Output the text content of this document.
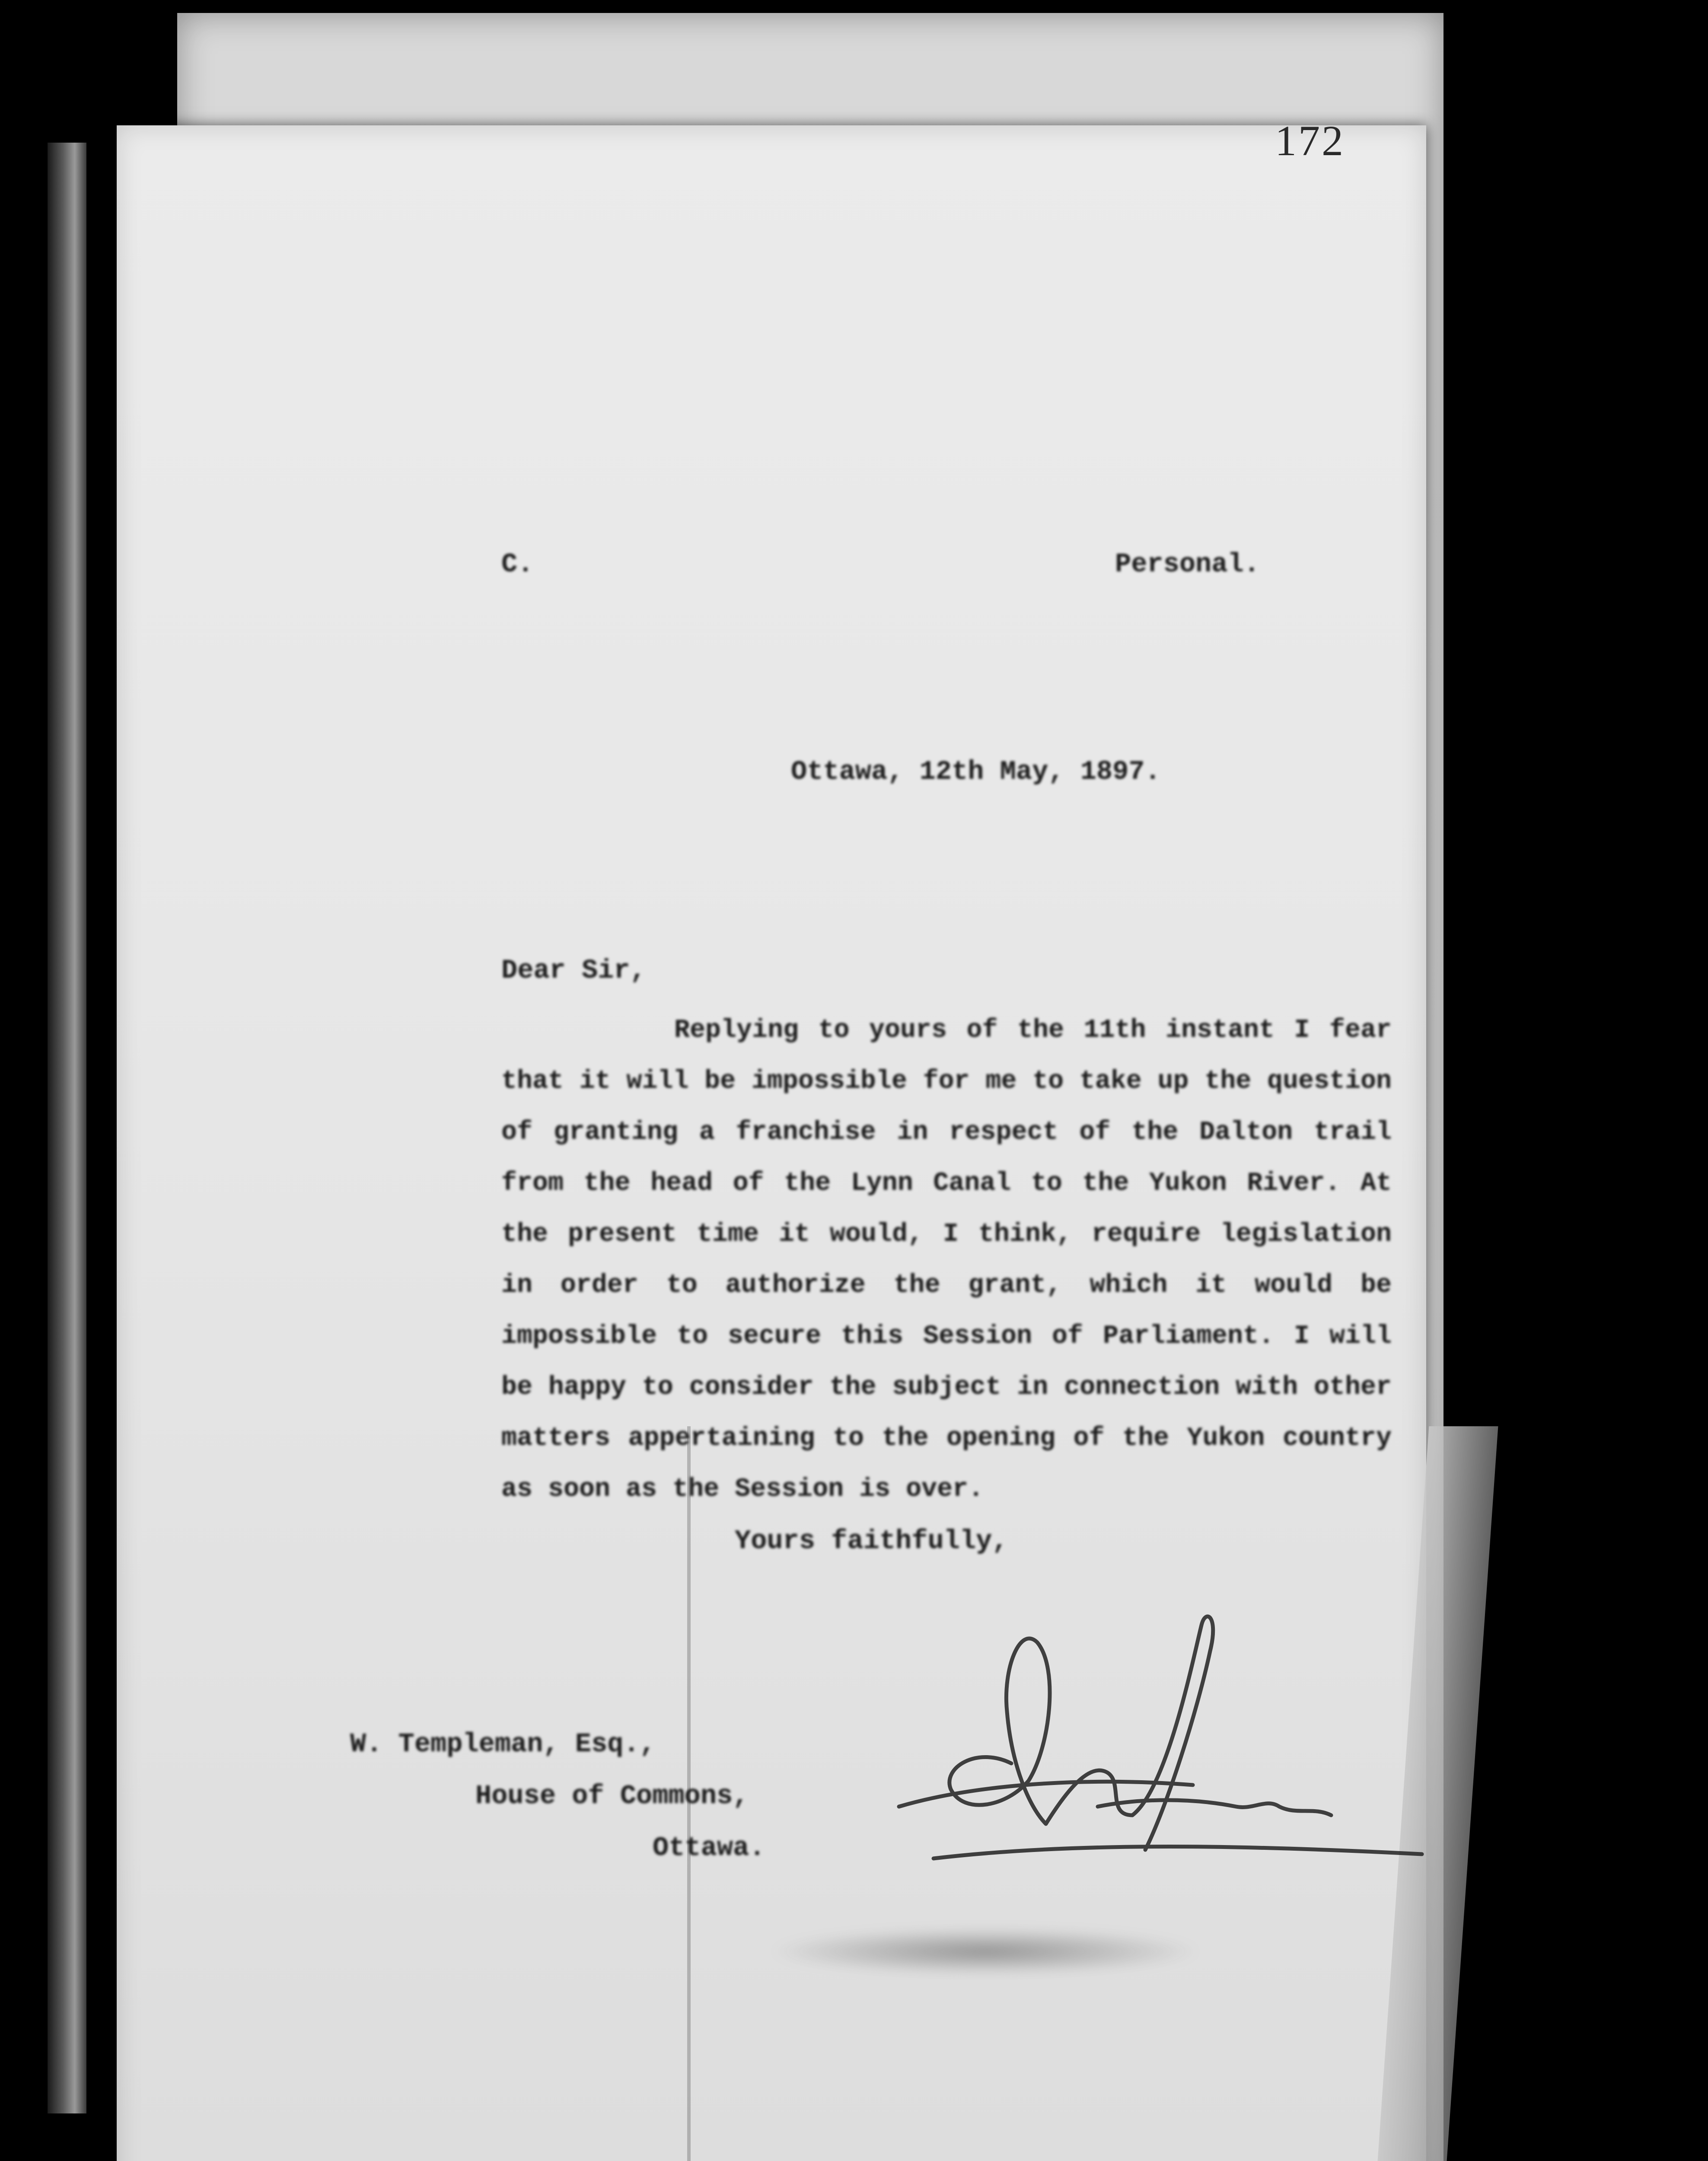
172
C.	Personal.
Ottawa, 12th May, 1897.
Dear Sir,

Replying to yours of the 11th instant I fear that it will be impossible for me to take up the question of granting a franchise in respect of the Dalton trail from the head of the Lynn Canal to the Yukon River. At the present time it would, I think, require legislation in order to authorize the grant, which it would be impossible to secure this Session of Parliament. I will be happy to consider the subject in connection with other matters appertaining to the opening of the Yukon country as soon as the Session is over.

Yours faithfully,
W. Templeman, Esq.,
House of Commons,
Ottawa.
